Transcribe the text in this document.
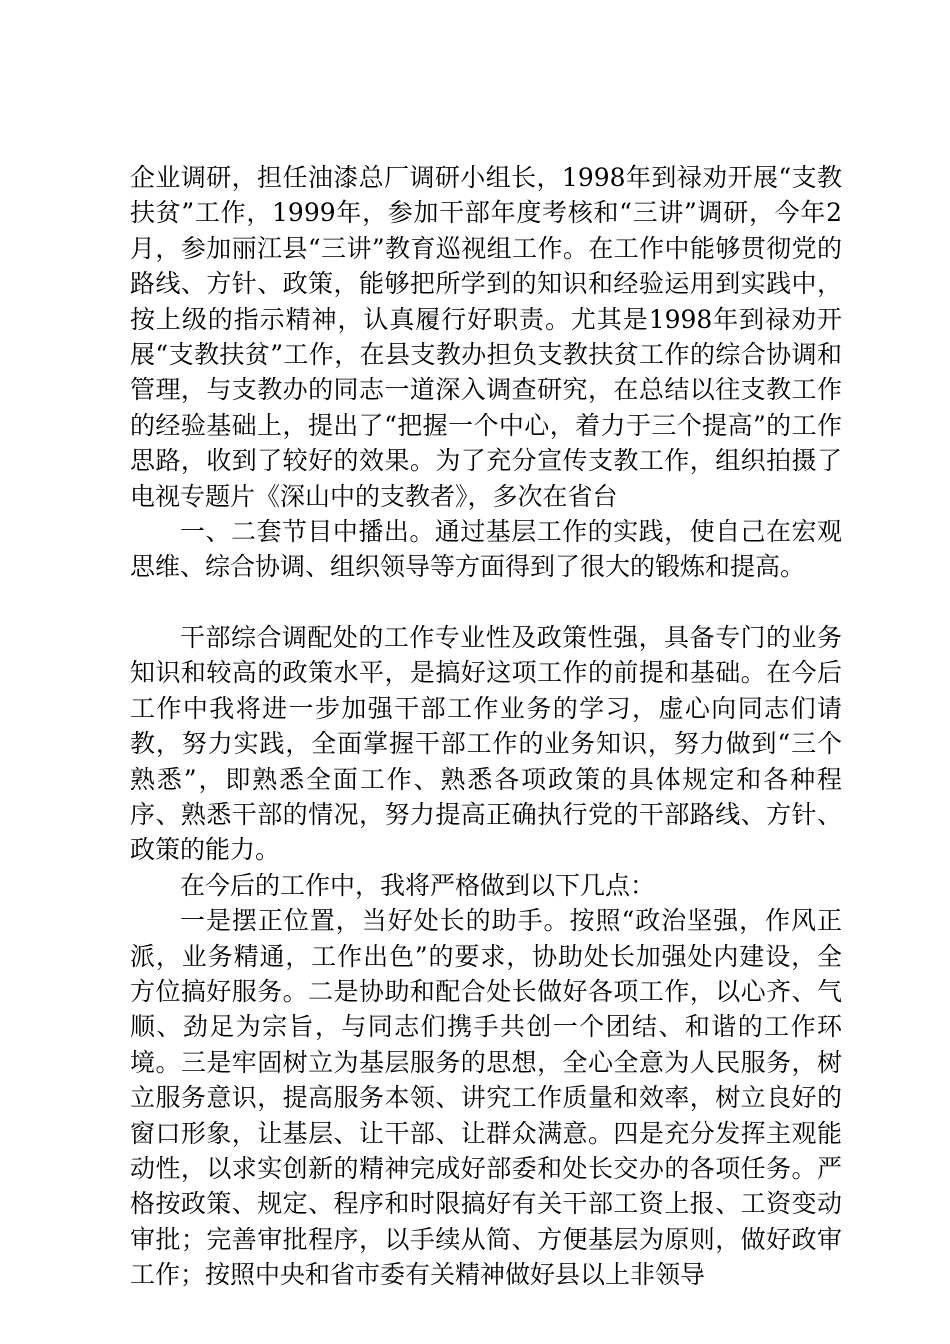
企业调研，担任油漆总厂调研小组长，1998年到禄劝开展“支教扶贫”工作，1999年，参加干部年度考核和“三讲”调研，今年2月，参加丽江县“三讲”教育巡视组工作。在工作中能够贯彻党的路线、方针、政策，能够把所学到的知识和经验运用到实践中，按上级的指示精神，认真履行好职责。尤其是1998年到禄劝开展“支教扶贫”工作，在县支教办担负支教扶贫工作的综合协调和管理，与支教办的同志一道深入调查研究，在总结以往支教工作的经验基础上，提出了“把握一个中心，着力于三个提高”的工作思路，收到了较好的效果。为了充分宣传支教工作，组织拍摄了电视专题片《深山中的支教者》，多次在省台

一、二套节目中播出。通过基层工作的实践，使自己在宏观思维、综合协调、组织领导等方面得到了很大的锻炼和提高。

干部综合调配处的工作专业性及政策性强，具备专门的业务知识和较高的政策水平，是搞好这项工作的前提和基础。在今后工作中我将进一步加强干部工作业务的学习，虚心向同志们请教，努力实践，全面掌握干部工作的业务知识，努力做到“三个熟悉”，即熟悉全面工作、熟悉各项政策的具体规定和各种程序、熟悉干部的情况，努力提高正确执行党的干部路线、方针、政策的能力。

在今后的工作中，我将严格做到以下几点：

一是摆正位置，当好处长的助手。按照“政治坚强，作风正派，业务精通，工作出色”的要求，协助处长加强处内建设，全方位搞好服务。二是协助和配合处长做好各项工作，以心齐、气顺、劲足为宗旨，与同志们携手共创一个团结、和谐的工作环境。三是牢固树立为基层服务的思想，全心全意为人民服务，树立服务意识，提高服务本领、讲究工作质量和效率，树立良好的窗口形象，让基层、让干部、让群众满意。四是充分发挥主观能动性，以求实创新的精神完成好部委和处长交办的各项任务。严格按政策、规定、程序和时限搞好有关干部工资上报、工资变动审批；完善审批程序，以手续从简、方便基层为原则，做好政审工作；按照中央和省市委有关精神做好县以上非领导
